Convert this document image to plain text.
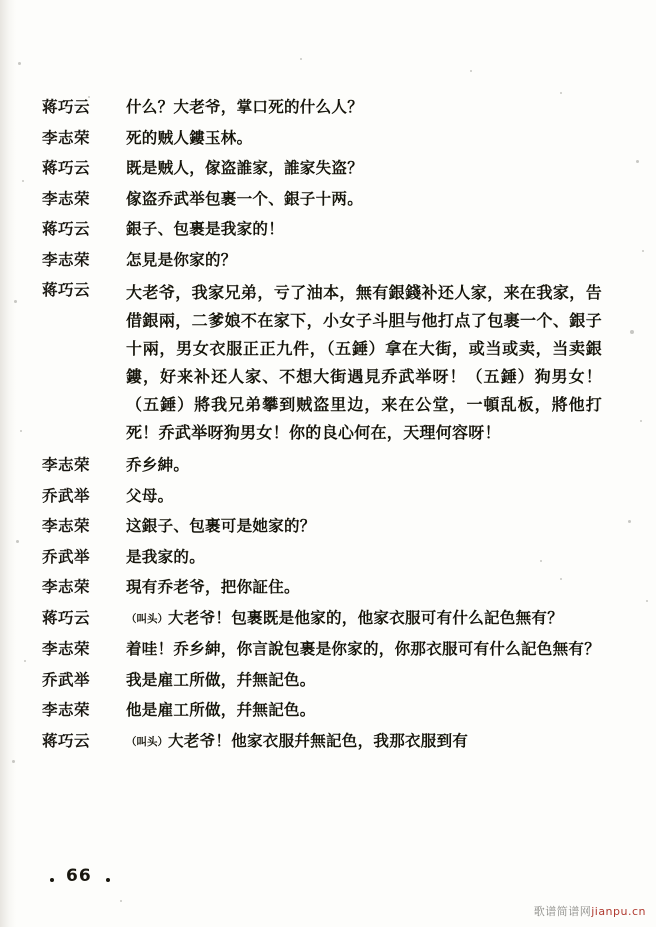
蒋巧云	什么？大老爷，掌口死的什么人？
李志荣	死的贼人鏤玉林。
蒋巧云	既是贼人，傢盗誰家，誰家失盗？
李志荣	傢盗乔武举包裹一个、銀子十两。
蒋巧云	銀子、包裹是我家的！
李志荣	怎見是你家的？
蒋巧云	大老爷，我家兄弟，亏了油本，無有銀錢补还人家，来在我家，告借銀兩，二爹娘不在家下，小女子斗胆与他打点了包裹一个、銀子十兩，男女衣服正正九件，（五錘）拿在大街，或当或卖，当卖銀鏤，好来补还人家、不想大街遇見乔武举呀！（五錘）狗男女！（五錘）將我兄弟攀到贼盗里边，来在公堂，一頓乱板，將他打死！乔武举呀狗男女！你的良心何在，天理何容呀！
李志荣	乔乡紳。
乔武举	父母。
李志荣	这銀子、包裹可是她家的？
乔武举	是我家的。
李志荣	現有乔老爷，把你証住。
蒋巧云	（叫头）大老爷！包裹既是他家的，他家衣服可有什么記色無有？
李志荣	着哇！乔乡紳，你言說包裹是你家的，你那衣服可有什么記色無有？
乔武举	我是雇工所做，幷無記色。
李志荣	他是雇工所做，幷無記色。
蒋巧云	（叫头）大老爷！他家衣服幷無記色，我那衣服到有
66
歌谱简谱网jianpu.cn
